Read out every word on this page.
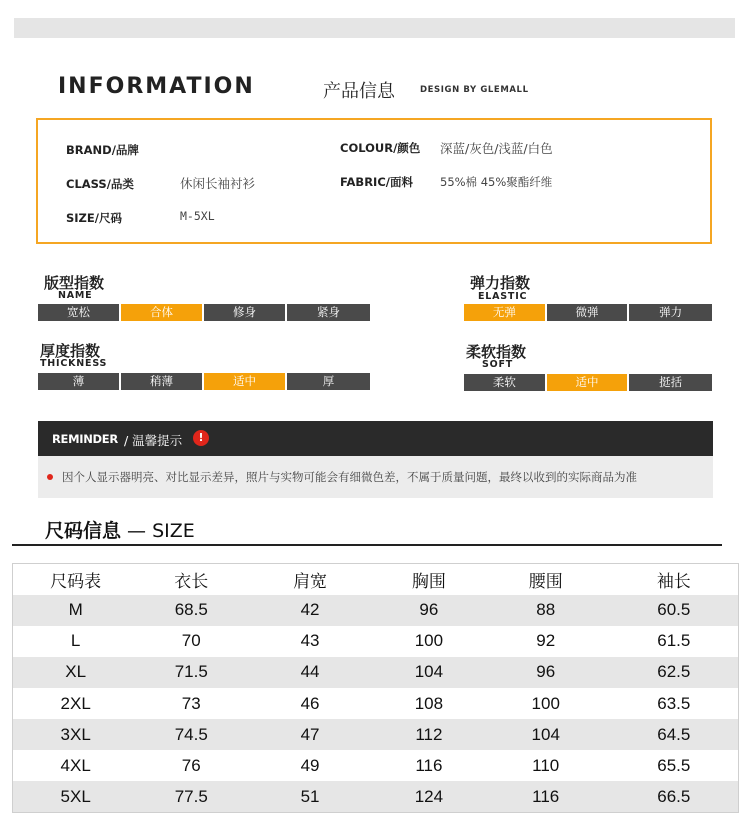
INFORMATION	产品信息	DESIGN BY GLEMALL
BRAND/品牌
CLASS/品类	休闲长袖衬衫
SIZE/尺码	M-5XL
COLOUR/颜色 深蓝/灰色/浅蓝/白色
FABRIC/面料 55%棉 45%聚酯纤维
版型指数
NAME
宽松	合体	修身	紧身
弹力指数
ELASTIC
无弹	微弹	弹力
厚度指数
THICKNESS
薄	稍薄	适中	厚
柔软指数
SOFT
柔软	适中	挺括
REMINDER / 温馨提示	!
因个人显示器明亮、对比显示差异，照片与实物可能会有细微色差，不属于质量问题，最终以收到的实际商品为准
尺码信息 — SIZE
尺码表	衣长	肩宽	胸围	腰围	袖长
M	68.5	42	96	88	60.5
L	70	43	100	92	61.5
XL	71.5	44	104	96	62.5
2XL	73	46	108	100	63.5
3XL	74.5	47	112	104	64.5
4XL	76	49	116	110	65.5
5XL	77.5	51	124	116	66.5
